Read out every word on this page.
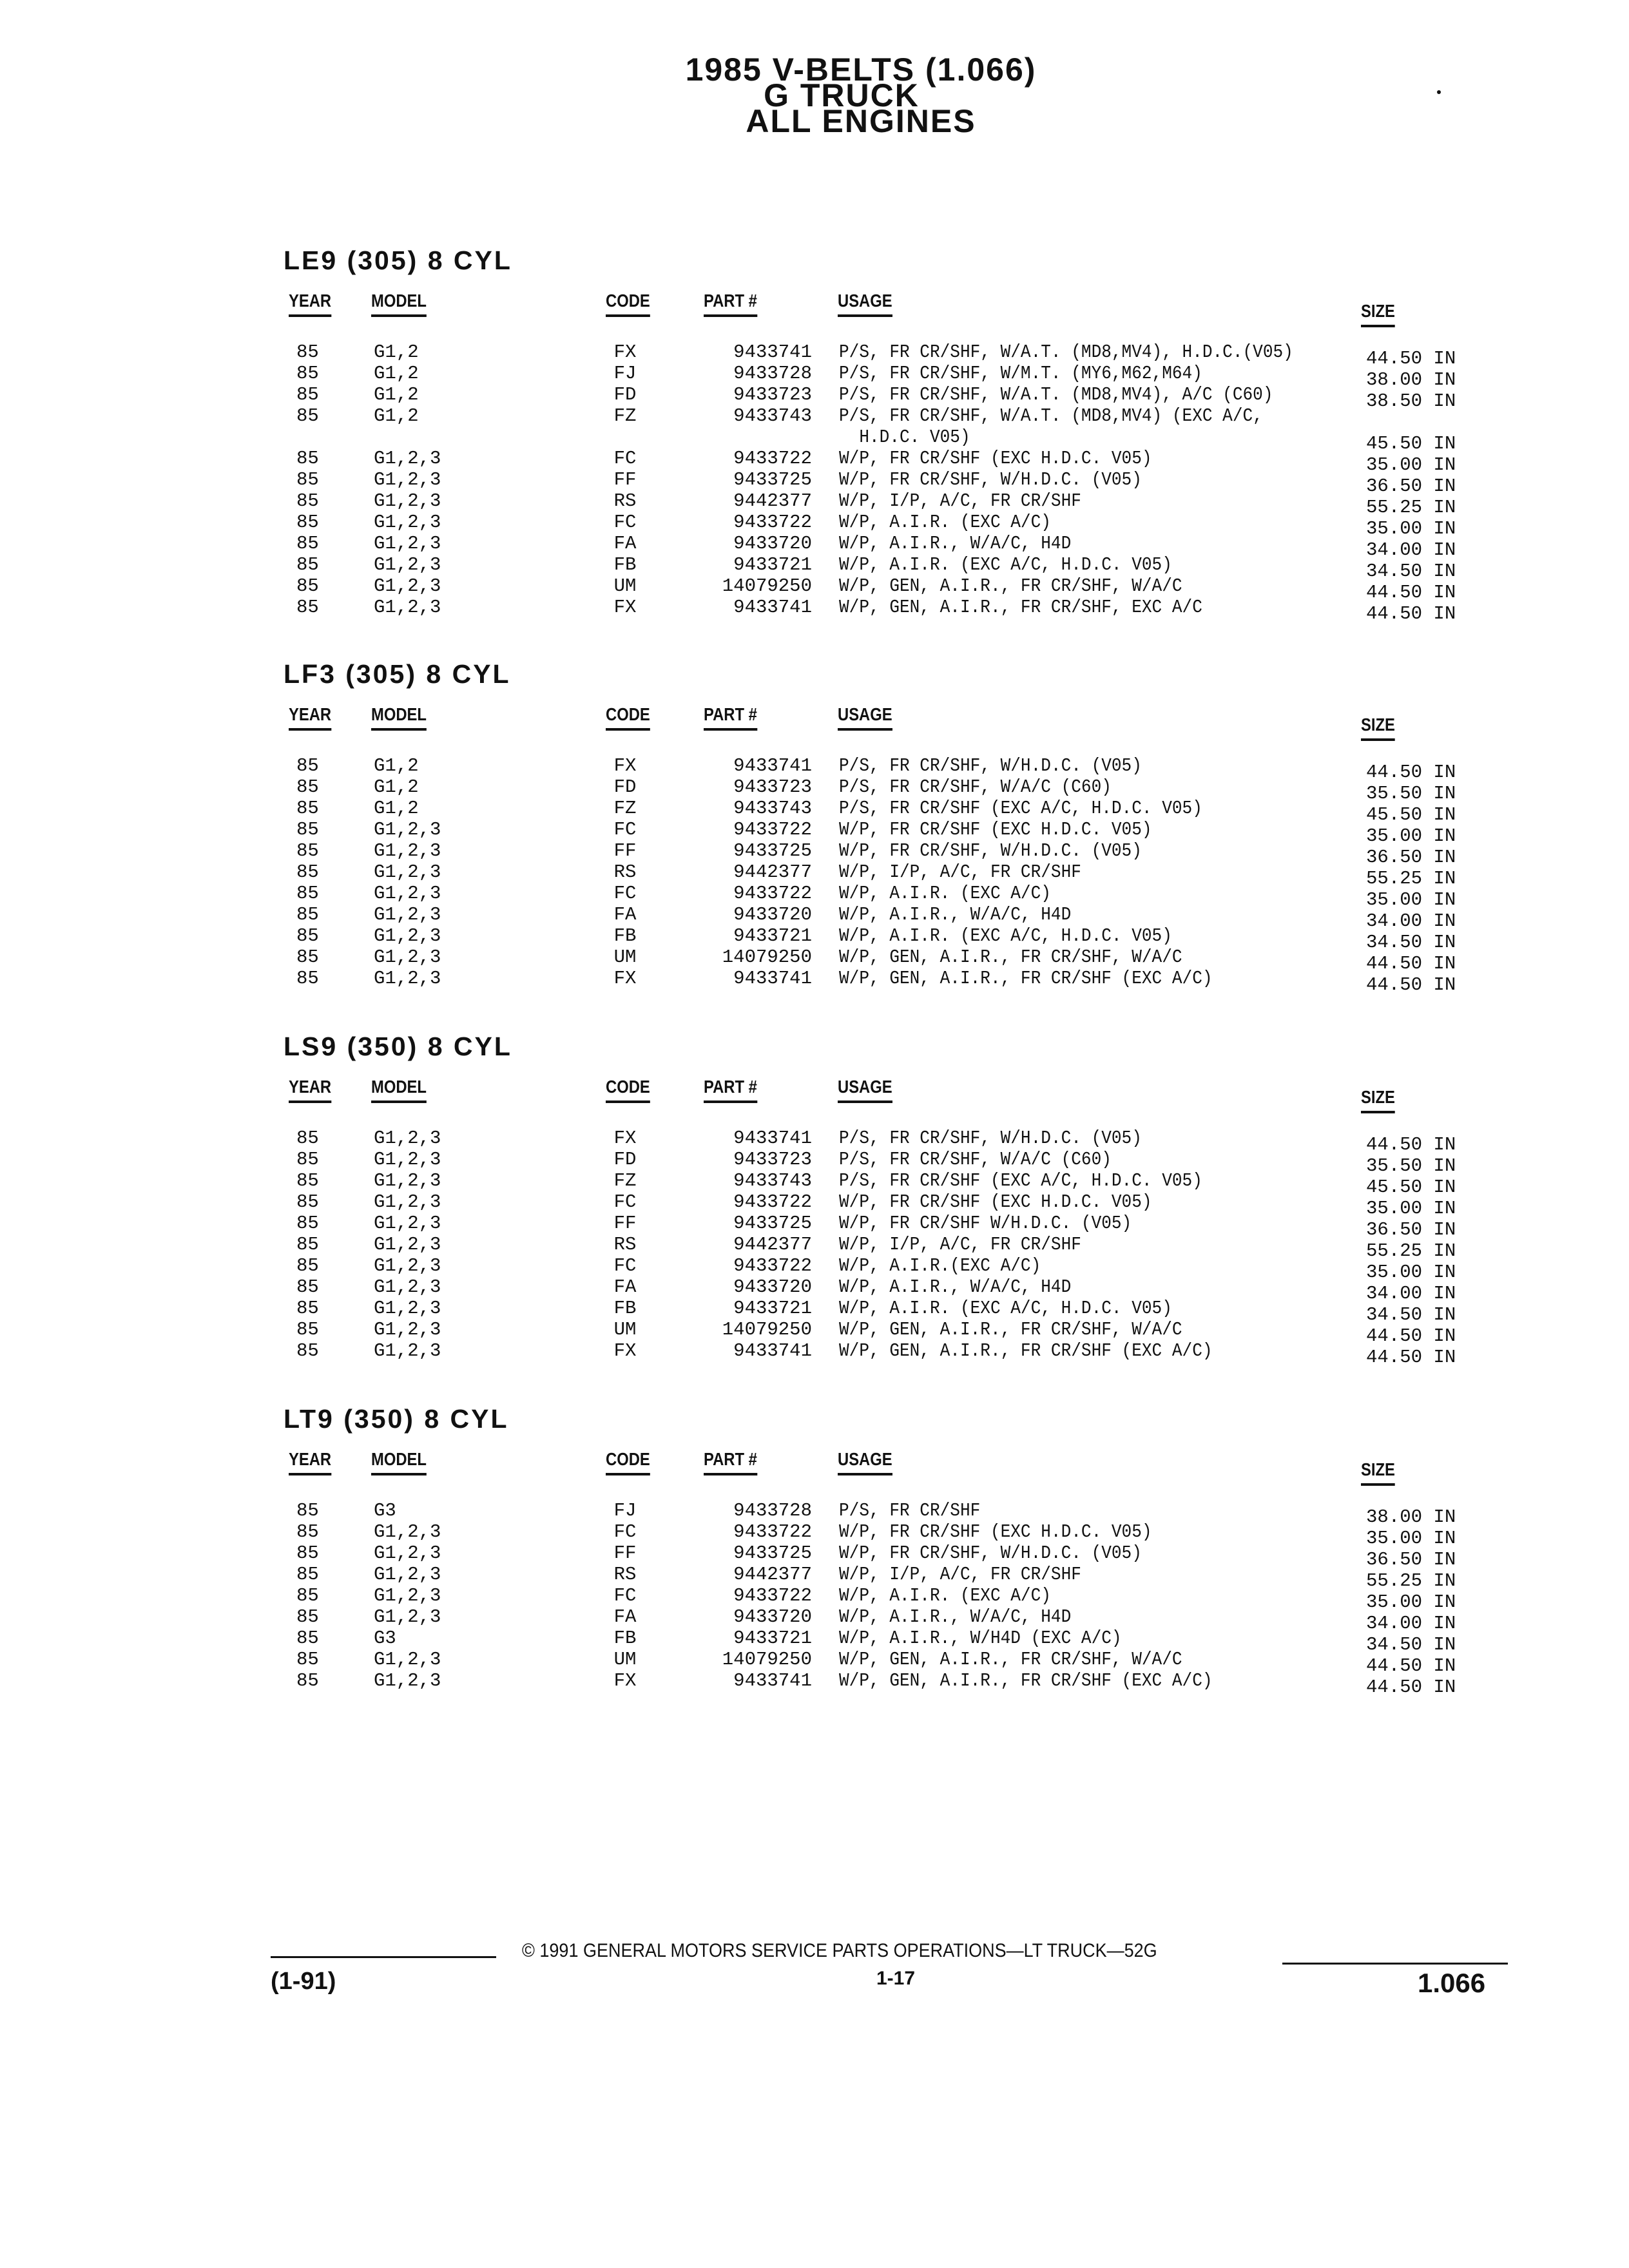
1985 V-BELTS (1.066)
G TRUCK
ALL ENGINES
LE9 (305) 8 CYL
YEAR MODEL	CODE	PART #	USAGE
SIZE
85	G1,2	FX	9433741 P/S, FR CR/SHF, W/A.T. (MD8,MV4), H.D.C.(V05)	44.50 IN
85	G1,2	FJ	9433728 P/S, FR CR/SHF, W/M.T. (MY6,M62,M64)	38.00 IN
85	G1,2	FD	9433723 P/S, FR CR/SHF, W/A.T. (MD8,MV4), A/C (C60)	38.50 IN
85	G1,2	FZ	9433743 P/S, FR CR/SHF, W/A.T. (MD8,MV4) (EXC A/C,
H.D.C. V05)	45.50 IN
85	G1,2,3	FC	9433722 W/P, FR CR/SHF (EXC H.D.C. V05)	35.00 IN
85	G1,2,3	FF	9433725 W/P, FR CR/SHF, W/H.D.C. (V05)	36.50 IN
85	G1,2,3	RS	9442377 W/P, I/P, A/C, FR CR/SHF	55.25 IN
85	G1,2,3	FC	9433722 W/P, A.I.R. (EXC A/C)	35.00 IN
85	G1,2,3	FA	9433720 W/P, A.I.R., W/A/C, H4D	34.00 IN
85	G1,2,3	FB	9433721 W/P, A.I.R. (EXC A/C, H.D.C. V05)	34.50 IN
85	G1,2,3	UM	14079250 W/P, GEN, A.I.R., FR CR/SHF, W/A/C	44.50 IN
85	G1,2,3	FX	9433741 W/P, GEN, A.I.R., FR CR/SHF, EXC A/C	44.50 IN
LF3 (305) 8 CYL
YEAR MODEL	CODE	PART #	USAGE
SIZE
85	G1,2	FX	9433741 P/S, FR CR/SHF, W/H.D.C. (V05)	44.50 IN
85	G1,2	FD	9433723 P/S, FR CR/SHF, W/A/C (C60)	35.50 IN
85	G1,2	FZ	9433743 P/S, FR CR/SHF (EXC A/C, H.D.C. V05)	45.50 IN
85	G1,2,3	FC	9433722 W/P, FR CR/SHF (EXC H.D.C. V05)	35.00 IN
85	G1,2,3	FF	9433725 W/P, FR CR/SHF, W/H.D.C. (V05)	36.50 IN
85	G1,2,3	RS	9442377 W/P, I/P, A/C, FR CR/SHF	55.25 IN
85	G1,2,3	FC	9433722 W/P, A.I.R. (EXC A/C)	35.00 IN
85	G1,2,3	FA	9433720 W/P, A.I.R., W/A/C, H4D	34.00 IN
85	G1,2,3	FB	9433721 W/P, A.I.R. (EXC A/C, H.D.C. V05)	34.50 IN
85	G1,2,3	UM	14079250 W/P, GEN, A.I.R., FR CR/SHF, W/A/C	44.50 IN
85	G1,2,3	FX	9433741 W/P, GEN, A.I.R., FR CR/SHF (EXC A/C)	44.50 IN
LS9 (350) 8 CYL
YEAR MODEL	CODE	PART #	USAGE
SIZE
85	G1,2,3	FX	9433741 P/S, FR CR/SHF, W/H.D.C. (V05)	44.50 IN
85	G1,2,3	FD	9433723 P/S, FR CR/SHF, W/A/C (C60)	35.50 IN
85	G1,2,3	FZ	9433743 P/S, FR CR/SHF (EXC A/C, H.D.C. V05)	45.50 IN
85	G1,2,3	FC	9433722 W/P, FR CR/SHF (EXC H.D.C. V05)	35.00 IN
85	G1,2,3	FF	9433725 W/P, FR CR/SHF W/H.D.C. (V05)	36.50 IN
85	G1,2,3	RS	9442377 W/P, I/P, A/C, FR CR/SHF	55.25 IN
85	G1,2,3	FC	9433722 W/P, A.I.R.(EXC A/C)	35.00 IN
85	G1,2,3	FA	9433720 W/P, A.I.R., W/A/C, H4D	34.00 IN
85	G1,2,3	FB	9433721 W/P, A.I.R. (EXC A/C, H.D.C. V05)	34.50 IN
85	G1,2,3	UM	14079250 W/P, GEN, A.I.R., FR CR/SHF, W/A/C	44.50 IN
85	G1,2,3	FX	9433741 W/P, GEN, A.I.R., FR CR/SHF (EXC A/C)	44.50 IN
LT9 (350) 8 CYL
YEAR MODEL	CODE	PART #	USAGE
SIZE
85	G3	FJ	9433728 P/S, FR CR/SHF	38.00 IN
85	G1,2,3	FC	9433722 W/P, FR CR/SHF (EXC H.D.C. V05)	35.00 IN
85	G1,2,3	FF	9433725 W/P, FR CR/SHF, W/H.D.C. (V05)	36.50 IN
85	G1,2,3	RS	9442377 W/P, I/P, A/C, FR CR/SHF	55.25 IN
85	G1,2,3	FC	9433722 W/P, A.I.R. (EXC A/C)	35.00 IN
85	G1,2,3	FA	9433720 W/P, A.I.R., W/A/C, H4D	34.00 IN
85	G3	FB	9433721 W/P, A.I.R., W/H4D (EXC A/C)	34.50 IN
85	G1,2,3	UM	14079250 W/P, GEN, A.I.R., FR CR/SHF, W/A/C	44.50 IN
85	G1,2,3	FX	9433741 W/P, GEN, A.I.R., FR CR/SHF (EXC A/C)	44.50 IN
© 1991 GENERAL MOTORS SERVICE PARTS OPERATIONS—LT TRUCK—52G
(1-91)	1-17	1.066
